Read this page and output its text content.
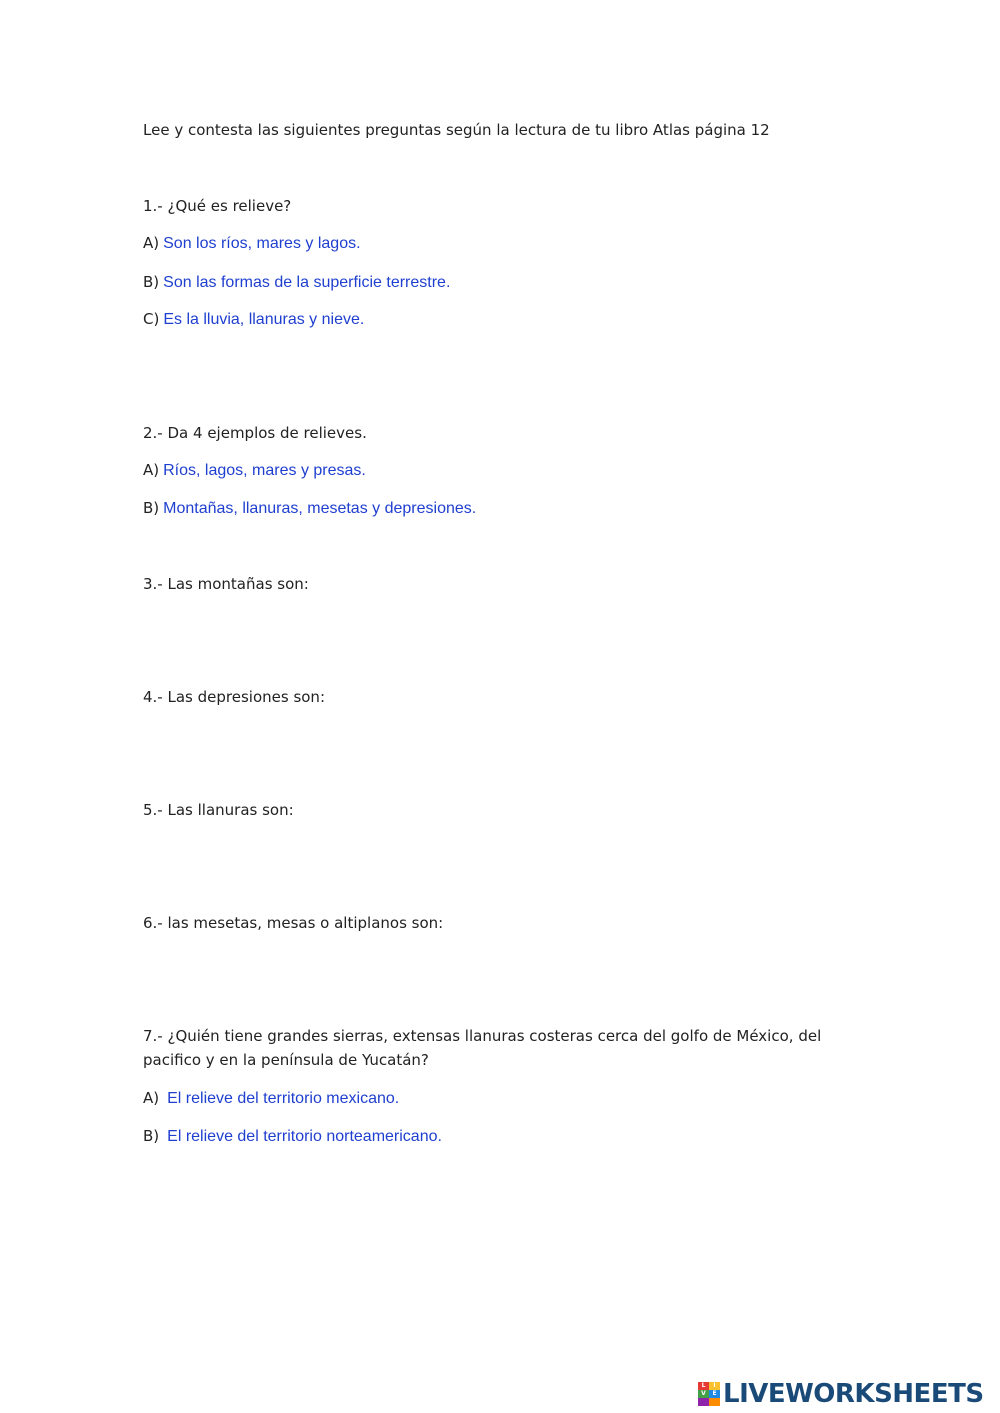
Lee y contesta las siguientes preguntas según la lectura de tu libro Atlas página 12
1.- ¿Qué es relieve?
A) Son los ríos, mares y lagos.
B) Son las formas de la superficie terrestre.
C) Es la lluvia, llanuras y nieve.
2.- Da 4 ejemplos de relieves.
A) Ríos, lagos, mares y presas.
B) Montañas, llanuras, mesetas y depresiones.
3.- Las montañas son:
4.- Las depresiones son:
5.- Las llanuras son:
6.- las mesetas, mesas o altiplanos son:
7.- ¿Quién tiene grandes sierras, extensas llanuras costeras cerca del golfo de México, del pacifico y en la península de Yucatán?
A) El relieve del territorio mexicano.
B) El relieve del territorio norteamericano.
L	I
V	E LIVEWORKSHEETS
